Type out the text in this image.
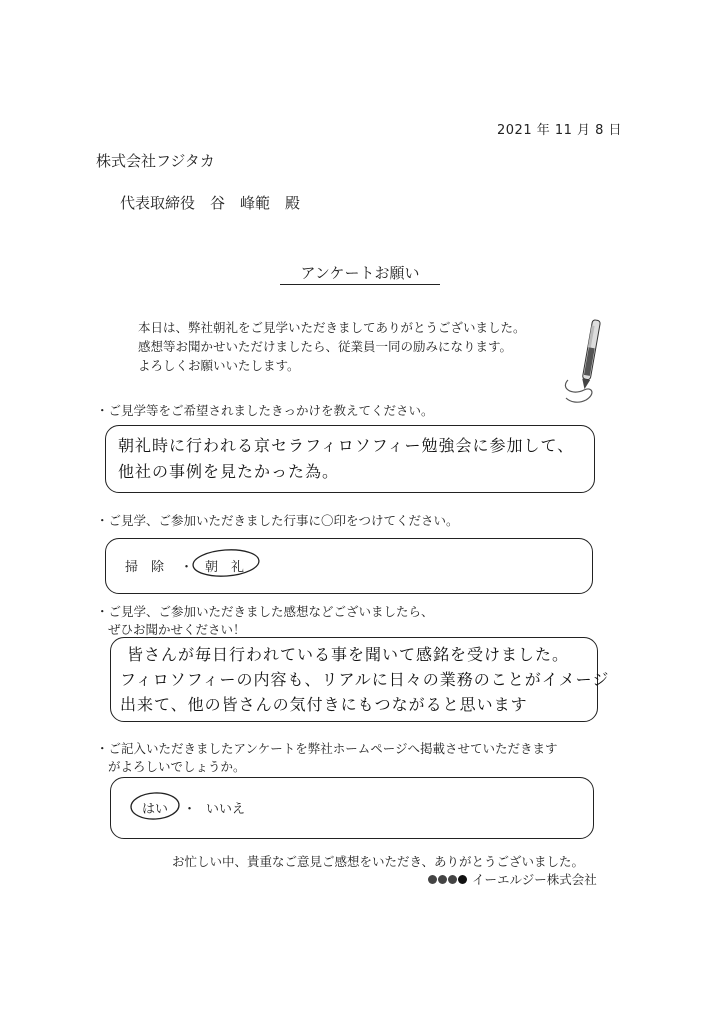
2021 年 11 月 8 日
株式会社フジタカ
代表取締役　谷　峰範　殿
アンケートお願い
本日は、弊社朝礼をご見学いただきましてありがとうございました。
感想等お聞かせいただけましたら、従業員一同の励みになります。
よろしくお願いいたします。
・ご見学等をご希望されましたきっかけを教えてください。
朝礼時に行われる京セラフィロソフィー勉強会に参加して、
他社の事例を見たかった為。
・ご見学、ご参加いただきました行事に〇印をつけてください。
掃　除 ・ 朝　礼
・ご見学、ご参加いただきました感想などございましたら、
ぜひお聞かせください！
皆さんが毎日行われている事を聞いて感銘を受けました。
フィロソフィーの内容も、リアルに日々の業務のことがイメージ
出来て、他の皆さんの気付きにもつながると思います
・ご記入いただきましたアンケートを弊社ホームページへ掲載させていただきます
がよろしいでしょうか。
はい ・ いいえ
お忙しい中、貴重なご意見ご感想をいただき、ありがとうございました。
イーエルジー株式会社
